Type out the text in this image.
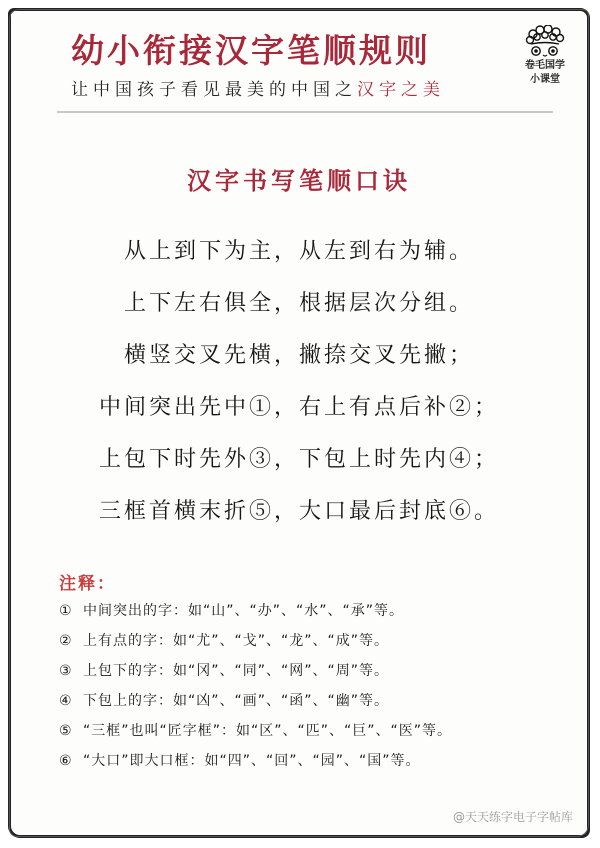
幼小衔接汉字笔顺规则
让中国孩子看见最美的中国之汉字之美
卷毛国学
小课堂
汉字书写笔顺口诀
从上到下为主，从左到右为辅。
上下左右俱全，根据层次分组。
横竖交叉先横，撇捺交叉先撇；
中间突出先中①，右上有点后补②；
上包下时先外③，下包上时先内④；
三框首横末折⑤，大口最后封底⑥。
注释：
① 中间突出的字：如“山”、“办”、“水”、“承”等。
② 上有点的字：如“尤”、“戈”、“龙”、“成”等。
③ 上包下的字：如“冈”、“同”、“网”、“周”等。
④ 下包上的字：如“凶”、“画”、“函”、“幽”等。
⑤ “三框”也叫“匠字框”：如“区”、“匹”、“巨”、“医”等。
⑥ “大口”即大口框：如“四”、“回”、“园”、“国”等。
@天天练字电子字帖库
